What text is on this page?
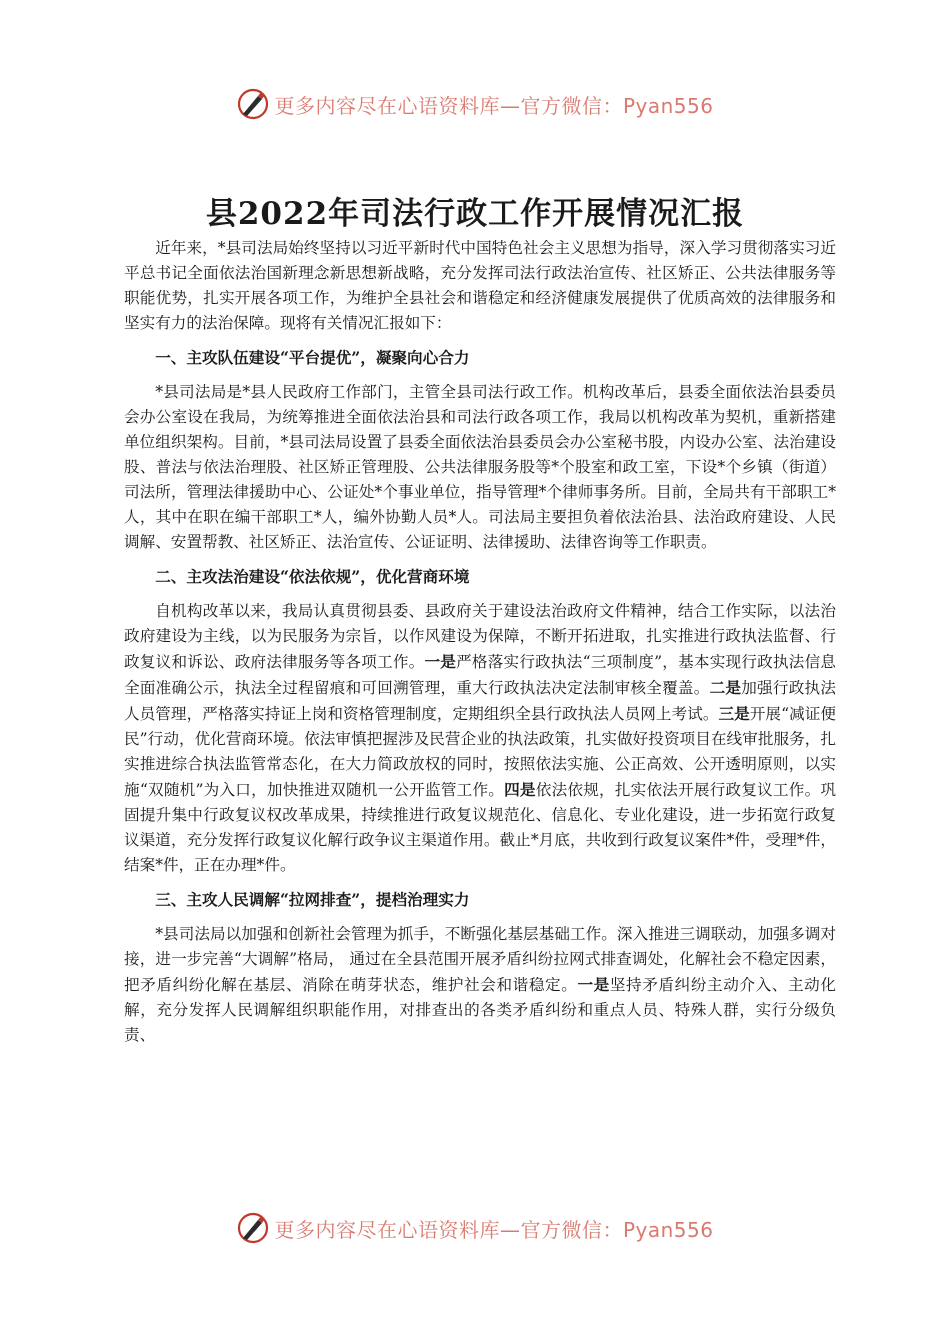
更多内容尽在心语资料库—官方微信：Pyan556
县2022年司法行政工作开展情况汇报

近年来，*县司法局始终坚持以习近平新时代中国特色社会主义思想为指导，深入学习贯彻落实习近平总书记全面依法治国新理念新思想新战略，充分发挥司法行政法治宣传、社区矫正、公共法律服务等职能优势，扎实开展各项工作，为维护全县社会和谐稳定和经济健康发展提供了优质高效的法律服务和坚实有力的法治保障。现将有关情况汇报如下：

一、主攻队伍建设“平台提优”，凝聚向心合力

*县司法局是*县人民政府工作部门，主管全县司法行政工作。机构改革后，县委全面依法治县委员会办公室设在我局，为统筹推进全面依法治县和司法行政各项工作，我局以机构改革为契机，重新搭建单位组织架构。目前，*县司法局设置了县委全面依法治县委员会办公室秘书股，内设办公室、法治建设股、普法与依法治理股、社区矫正管理股、公共法律服务股等*个股室和政工室，下设*个乡镇（街道）司法所，管理法律援助中心、公证处*个事业单位，指导管理*个律师事务所。目前，全局共有干部职工*人，其中在职在编干部职工*人，编外协勤人员*人。司法局主要担负着依法治县、法治政府建设、人民调解、安置帮教、社区矫正、法治宣传、公证证明、法律援助、法律咨询等工作职责。

二、主攻法治建设“依法依规”，优化营商环境

自机构改革以来，我局认真贯彻县委、县政府关于建设法治政府文件精神，结合工作实际，以法治政府建设为主线，以为民服务为宗旨，以作风建设为保障，不断开拓进取，扎实推进行政执法监督、行政复议和诉讼、政府法律服务等各项工作。一是严格落实行政执法“三项制度”，基本实现行政执法信息全面准确公示，执法全过程留痕和可回溯管理，重大行政执法决定法制审核全覆盖。二是加强行政执法人员管理，严格落实持证上岗和资格管理制度，定期组织全县行政执法人员网上考试。三是开展“减证便民”行动，优化营商环境。依法审慎把握涉及民营企业的执法政策，扎实做好投资项目在线审批服务，扎实推进综合执法监管常态化，在大力简政放权的同时，按照依法实施、公正高效、公开透明原则，以实施“双随机”为入口，加快推进双随机一公开监管工作。四是依法依规，扎实依法开展行政复议工作。巩固提升集中行政复议权改革成果，持续推进行政复议规范化、信息化、专业化建设，进一步拓宽行政复议渠道，充分发挥行政复议化解行政争议主渠道作用。截止*月底，共收到行政复议案件*件，受理*件，结案*件，正在办理*件。

三、主攻人民调解“拉网排查”，提档治理实力

*县司法局以加强和创新社会管理为抓手，不断强化基层基础工作。深入推进三调联动，加强多调对接，进一步完善“大调解”格局， 通过在全县范围开展矛盾纠纷拉网式排查调处，化解社会不稳定因素，把矛盾纠纷化解在基层、消除在萌芽状态，维护社会和谐稳定。一是坚持矛盾纠纷主动介入、主动化解，充分发挥人民调解组织职能作用，对排查出的各类矛盾纠纷和重点人员、特殊人群，实行分级负责、

更多内容尽在心语资料库—官方微信：Pyan556
